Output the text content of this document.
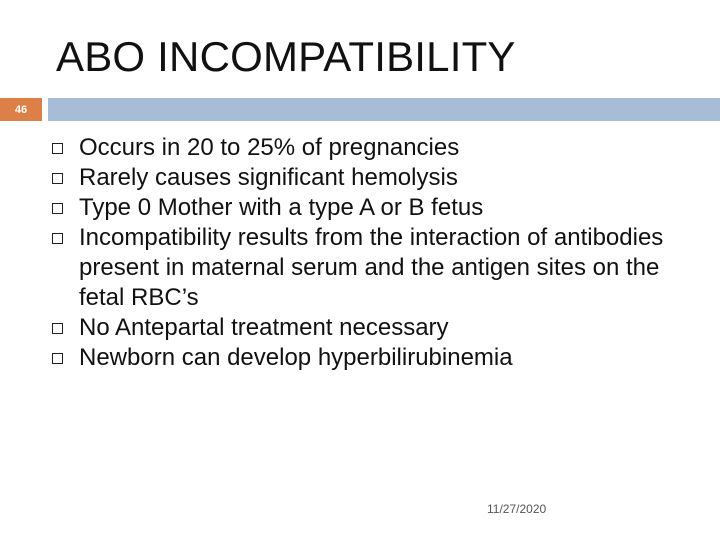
ABO INCOMPATIBILITY
46
Occurs in 20 to 25% of pregnancies
Rarely causes significant hemolysis
Type 0 Mother with a type A or B fetus
Incompatibility results from the interaction of antibodies present in maternal serum and the antigen sites on the fetal RBC’s
No Antepartal treatment necessary
Newborn can develop hyperbilirubinemia
11/27/2020
